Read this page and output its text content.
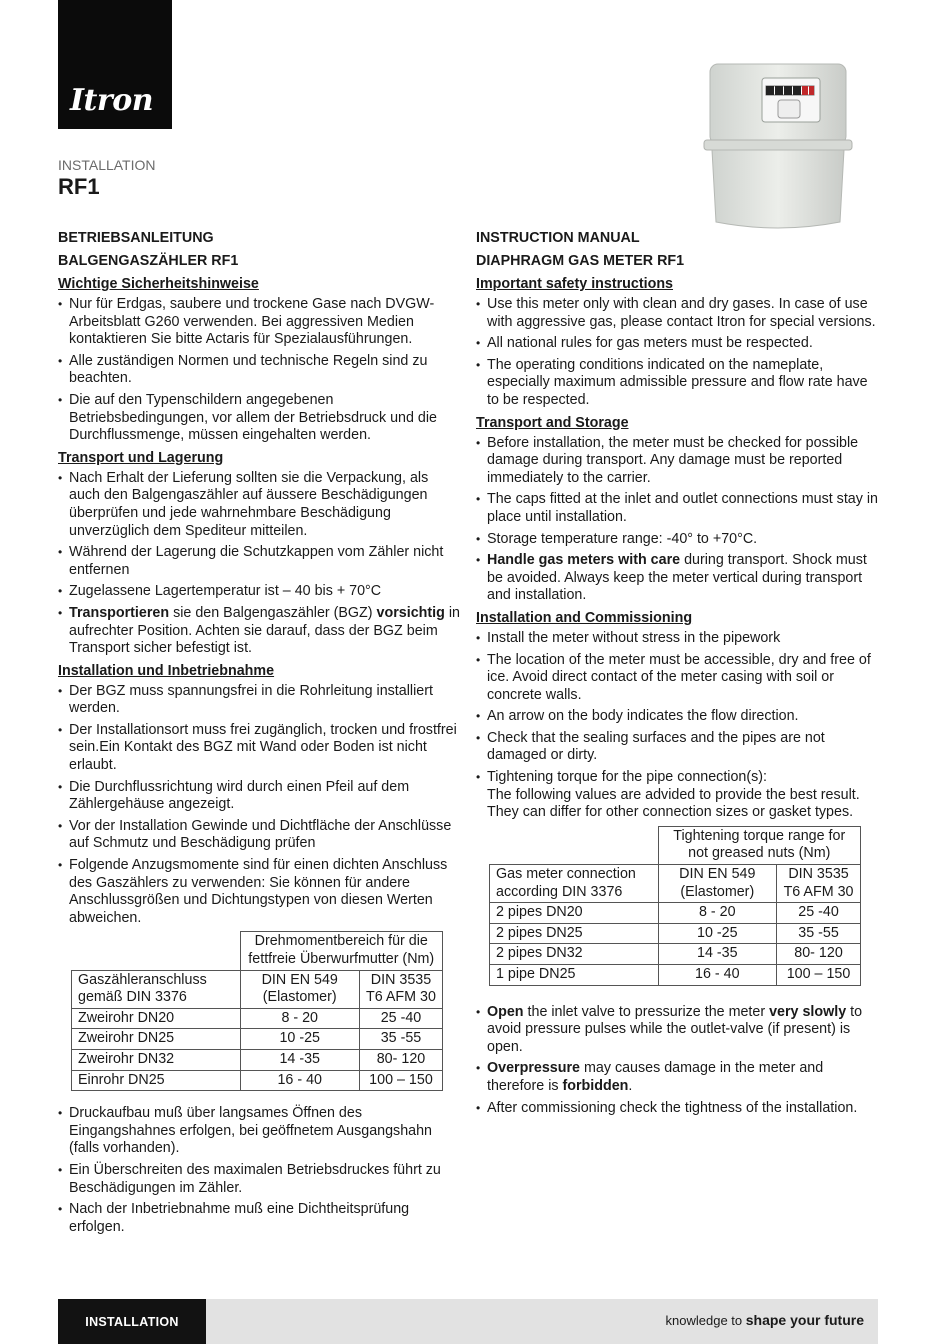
Itron
INSTALLATION
RF1

BETRIEBSANLEITUNG

BALGENGASZÄHLER RF1

Wichtige Sicherheitshinweise

• Nur für Erdgas, saubere und trockene Gase nach DVGW-Arbeitsblatt G260 verwenden. Bei aggressiven Medien kontaktieren Sie bitte Actaris für Spezialausführungen.
• Alle zuständigen Normen und technische Regeln sind zu beachten.
• Die auf den Typenschildern angegebenen Betriebsbedingungen, vor allem der Betriebsdruck und die Durchflussmenge, müssen eingehalten werden.

Transport und Lagerung

• Nach Erhalt der Lieferung sollten sie die Verpackung, als auch den Balgengaszähler auf äussere Beschädigungen überprüfen und jede wahrnehmbare Beschädigung unverzüglich dem Spediteur mitteilen.
• Während der Lagerung die Schutzkappen vom Zähler nicht entfernen
• Zugelassene Lagertemperatur ist – 40 bis + 70°C
• Transportieren sie den Balgengaszähler (BGZ) vorsichtig in aufrechter Position. Achten sie darauf, dass der BGZ beim Transport sicher befestigt ist.

Installation und Inbetriebnahme

• Der BGZ muss spannungsfrei in die Rohrleitung installiert werden.
• Der Installationsort muss frei zugänglich, trocken und frostfrei sein.Ein Kontakt des BGZ mit Wand oder Boden ist nicht erlaubt.
• Die Durchflussrichtung wird durch einen Pfeil auf dem Zählergehäuse angezeigt.
• Vor der Installation Gewinde und Dichtfläche der Anschlüsse auf Schmutz und Beschädigung prüfen
• Folgende Anzugsmomente sind für einen dichten Anschluss des Gaszählers zu verwenden: Sie können für andere Anschlussgrößen und Dichtungstypen von diesen Werten abweichen.
	Drehmomentbereich für die fettfreie Überwurfmutter (Nm)	
Gaszähleranschluss gemäß DIN 3376	DIN EN 549 (Elastomer)	DIN 3535 T6 AFM 30
Zweirohr DN20	8 - 20	25 -40
Zweirohr DN25	10 -25	35 -55
Zweirohr DN32	14 -35	80- 120
Einrohr DN25	16 - 40	100 – 150
• Druckaufbau muß über langsames Öffnen des Eingangshahnes erfolgen, bei geöffnetem Ausgangshahn (falls vorhanden).
• Ein Überschreiten des maximalen Betriebsdruckes führt zu Beschädigungen im Zähler.
• Nach der Inbetriebnahme muß eine Dichtheitsprüfung erfolgen.

INSTRUCTION MANUAL

DIAPHRAGM GAS METER RF1

Important safety instructions

• Use this meter only with clean and dry gases. In case of use with aggressive gas, please contact Itron for special versions.
• All national rules for gas meters must be respected.
• The operating conditions indicated on the nameplate, especially maximum admissible pressure and flow rate have to be respected.

Transport and Storage

• Before installation, the meter must be checked for possible damage during transport. Any damage must be reported immediately to the carrier.
• The caps fitted at the inlet and outlet connections must stay in place until installation.
• Storage temperature range: -40° to +70°C.
• Handle gas meters with care during transport. Shock must be avoided. Always keep the meter vertical during transport and installation.

Installation and Commissioning

• Install the meter without stress in the pipework
• The location of the meter must be accessible, dry and free of ice. Avoid direct contact of the meter casing with soil or concrete walls.
• An arrow on the body indicates the flow direction.
• Check that the sealing surfaces and the pipes are not damaged or dirty.
• Tightening torque for the pipe connection(s):
The following values are advided to provide the best result. They can differ for other connection sizes or gasket types.
	Tightening torque range for not greased nuts (Nm)	
Gas meter connection according DIN 3376	DIN EN 549 (Elastomer)	DIN 3535 T6 AFM 30
2 pipes DN20	8 - 20	25 -40
2 pipes DN25	10 -25	35 -55
2 pipes DN32	14 -35	80- 120
1 pipe DN25	16 - 40	100 – 150
• Open the inlet valve to pressurize the meter very slowly to avoid pressure pulses while the outlet-valve (if present) is open.
• Overpressure may causes damage in the meter and therefore is forbidden.
• After commissioning check the tightness of the installation.
INSTALLATION	knowledge to shape your future
